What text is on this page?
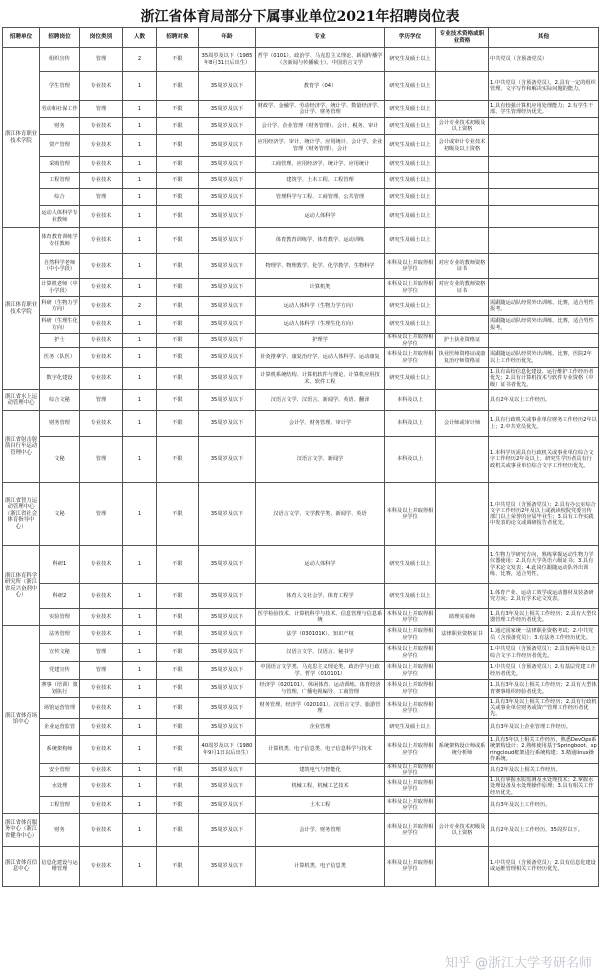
浙江省体育局部分下属事业单位2021年招聘岗位表
招聘单位	招聘岗位	岗位类别	人数	招聘对象	年龄	专业	学历学位	专业技术资格或职业资格	其他
浙江体育职业技术学院	组织宣传	管理	2	不限	35周岁及以下（1985年8月31日后出生）	哲学（0101）、政治学、马克思主义理论、新闻传播学（含新闻与传播硕士）、中国语言文学	研究生及硕士以上		中共党员（含预备党员）
	学生管理	专业技术	1	不限	35周岁及以下	教育学（04）	研究生及硕士以上		1.中共党员（含预备党员）。2.具有一定的组织管理、文字写作和解决实际问题的能力。
	劳动和社保工作	管理	1	不限	35周岁及以下	财政学、金融学、劳动经济学、统计学、数量经济学、会计学、财务管理	研究生及硕士以上		1.具有较强计算机应用处理能力；2.有学生干部、学生管理经历优先。
	财务	专业技术	1	不限	35周岁及以下	会计学、企业管理（财务管理）、会计、税务、审计	研究生及硕士以上	会计专业技术初级及以上资格	
	资产管理	专业技术	1	不限	35周岁及以下	应用经济学、审计、统计学、应用统计、会计学、企业管理（财务管理）、会计	研究生及硕士以上	会计或审计专业技术初级及以上资格	
	采购管理	专业技术	1	不限	35周岁及以下	工商管理、应用经济学、统计学、应用统计	研究生及硕士以上		
	工程管理	专业技术	1	不限	35周岁及以下	建筑学、土木工程、工程管理	研究生及硕士以上		
	综合	管理	1	不限	35周岁及以下	管理科学与工程、工商管理、公共管理	研究生及硕士以上		
	运动人体科学专业教师	专业技术	1	不限	35周岁及以下	运动人体科学	研究生及硕士以上		
浙江体育职业技术学院	体育教育训练学专任教师	专业技术	1	不限	35周岁及以下	体育教育训练学、体育教学、运动训练	研究生及硕士以上		
	自然科学老师（中小学段）	专业技术	1	不限	35周岁及以下	物理学、物理教学、化学、化学教学、生物科学	本科及以上并取得相应学位	对应专业的教师资格证书	
	计算机老师（中小学段）	专业技术	1	不限	35周岁及以下	计算机类	本科及以上并取得相应学位	对应专业的教师资格证书	
	科研（生物力学方向）	专业技术	2	不限	35周岁及以下	运动人体科学（生物力学方向）	研究生及硕士以上		需跟随运动队经常外出训练、比赛，适合男性报考。
	科研（生理生化方向）	专业技术	1	不限	35周岁及以下	运动人体科学（生理生化方向）	研究生及硕士以上		需跟随运动队经常外出训练、比赛，适合男性报考。
	护士	专业技术	1	不限	35周岁及以下	护理学	本科及以上并取得相应学位	护士执业资格证	
	医务（队医）	专业技术	1	不限	35周岁及以下	针灸推拿学、康复治疗学、运动人体科学、运动康复	本科及以上并取得相应学位	执业医师资格证或康复治疗师资格证	需跟随运动队经常外出训练、比赛，医院2年以上工作经历优先。
	数字化建设	专业技术	1	不限	35周岁及以下	计算机系统结构、计算机软件与理论、计算机应用技术、软件工程	研究生及硕士以上		1.具有高校信息化建设、运行维护工作经历者优先；2.具有计算机技术与软件专业资格（中级）证书者优先。
浙江省水上运动管理中心	综合文秘	管理	1	不限	35周岁及以下	汉语言文学、汉语言、新闻学、英语、翻译	本科及以上		具有2年及以上工作经历。
浙江省射击射箭自行车运动管理中心	财务管理	专业技术	1	不限	35周岁及以下	会计学、财务管理、审计学	本科及以上	会计师或审计师	1.具有行政机关或事业单位财务工作经历2年以上；2.中共党员优先。
	文秘	管理	1	不限	35周岁及以下	汉语言文学、新闻学	本科及以上		1.本科学历需具有行政机关或事业单位综合文字工作经历2年及以上，研究生学历者具有行政机关或事业单位综合文字工作经历优先。
浙江省智力运动管理中心（浙江省社会体育指导中心）	文秘	管理	1	不限	35周岁及以下	汉语言文学、文学教学类、新闻学、英语	本科及以上并取得相应学位		1.中共党员（含预备党员）；2.具有办公室综合文字工作经历2年及以上或就读校院党委宣传部门以上荣誉的应届毕业生；3.具有工作实践中发表的论文或调研报告者优先。
浙江体育科学研究所（浙江省反兴奋剂中心）	科研1	专业技术	1	不限	35周岁及以下	运动人体科学	研究生及硕士以上		1.生物力学研究方向，熟练掌握运动生物力学仪器使用；2.具有大学英语六级证书；3.具有学术论文发表；4.此岗位跟随运动队外出训练、比赛，适合男性。
	科研2	专业技术	1	不限	35周岁及以下	体育人文社会学、体育工程学	研究生及硕士以上		1.体育产业、运动工效学或运动器材及装备研究方向；2.具有学术论文发表。
	实验管理	专业技术	1	不限	35周岁及以下	医学检验技术、计算机科学与技术、信息管理与信息系统	本科及以上并取得相应学位	助理实验师	1.具有3年及以上相关工作经历；2.具有大型仪器管理工作经历者优先。
浙江省体育场馆中心	法务管理	专业技术	1	不限	35周岁及以下	法学（030101K）、知识产权	本科及以上并取得相应学位	法律职业资格证书	1.通过国家统一法律职业资格考试；2.中共党员（含预备党员）；3.有法务工作经历优先。
	宣传文秘	管理	1	不限	35周岁及以下	汉语言文学、汉语言、秘书学	本科及以上并取得相应学位		1.中共党员（含预备党员）；2.具有两年及以上综合文字工作经历者优先。
	党建宣传	管理	1	不限	35周岁及以下	中国语言文学类、马克思主义理论类、政治学与行政学、哲学（010101）	本科及以上并取得相应学位		1.中共党员（含预备党员）；2.有基层党建工作经历者优先。
	赛事（培训）策划执行	专业技术	1	不限	35周岁及以下	经济学（020101）、休闲体育、运动训练、体育经济与管理、广播电视编导、工商管理	本科及以上并取得相应学位		1.具有3年及以上相关工作经历；2.具有大型体育赛事组织经验者优先。
	场馆运营管理	专业技术	1	不限	35周岁及以下	财务管理、经济学（020101）、汉语言文学、旅游管理	本科及以上并取得相应学位		1.具有3年及以上相关工作经历；2.具有行政机关或事业单位财务或资产管理工作经历者优先。
	企业运营监管	专业技术	1	不限	35周岁及以下	企业管理	研究生及硕士以上		具有3年及以上企业管理工作经历。
	系统架构师	专业技术	1	不限	40周岁及以下（1980年9月1日以后出生）	计算机类、电子信息类、电子信息科学与技术	本科及以上并取得相应学位	系统架构设计师或系统分析师	1.具有5年以上相关工作经历，熟悉DevOps系统架构设计；2.熟练使用基于Springboot、springcloud框架进行系统构建；3.精通linux操作系统。
	安全管理	专业技术	1	不限	35周岁及以下	建筑电气与智能化	本科及以上并取得相应学位		具有2年及以上相关工作经历。
	水处理	专业技术	1	不限	35周岁及以下	机械工程、机械工艺技术	本科及以上并取得相应学位		1.具有掌握水质监测及水处理技术；2.掌握水处理设备及水处理操作原理；3.具有相关工作经历优先。
	工程管理	专业技术	1	不限	35周岁及以下	土木工程	本科及以上并取得相应学位		具有3年及以上工作经历。
浙江省体育服务中心（浙江省健身中心）	财务	专业技术	1	不限	35周岁及以下	会计学、财务管理	本科及以上并取得相应学位	会计专业技术初级及以上资格	具有2年及以上工作经历，35周岁以下。
浙江省体育信息中心	信息化建设与运维管理	专业技术	1	不限	35周岁及以下	计算机类、电子信息类	本科及以上并取得相应学位		1.中共党员（含预备党员）；2.具有信息化建设或运维管理相关工作经历优先。
知乎 @浙江大学考研名师
